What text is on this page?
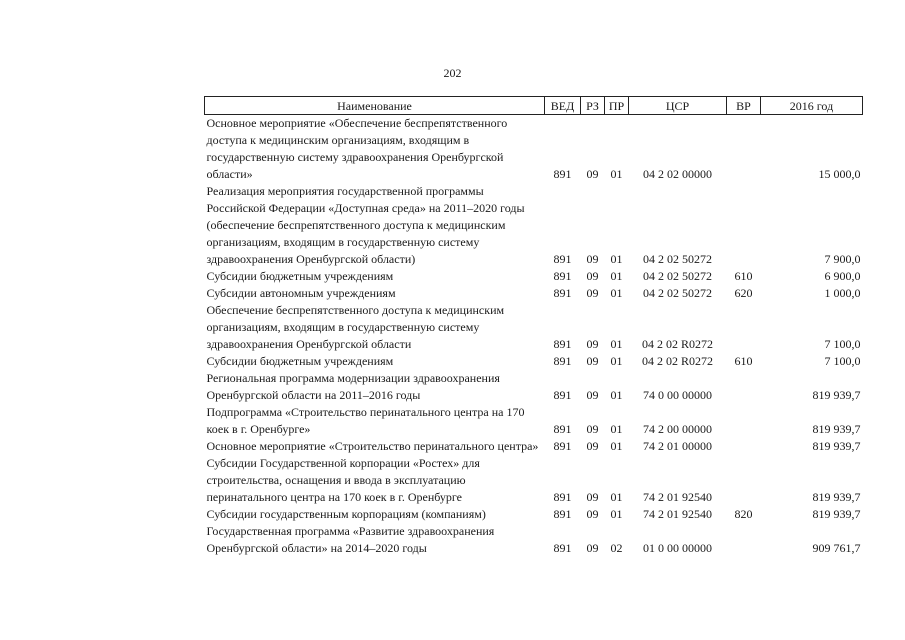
202
Наименование	ВЕД	РЗ	ПР	ЦСР	ВР	2016 год
Основное мероприятие «Обеспечение беспрепятственного доступа к медицинским организациям, входящим в государственную систему здравоохранения Оренбургской области»	891	09	01	04 2 02 00000		15 000,0
Реализация мероприятия государственной программы Российской Федерации «Доступная среда» на 2011–2020 годы (обеспечение беспрепятственного доступа к медицинским организациям, входящим в государственную систему здравоохранения Оренбургской области)	891	09	01	04 2 02 50272		7 900,0
Субсидии бюджетным учреждениям	891	09	01	04 2 02 50272	610	6 900,0
Субсидии автономным учреждениям	891	09	01	04 2 02 50272	620	1 000,0
Обеспечение беспрепятственного доступа к медицинским организациям, входящим в государственную систему здравоохранения Оренбургской области	891	09	01	04 2 02 R0272		7 100,0
Субсидии бюджетным учреждениям	891	09	01	04 2 02 R0272	610	7 100,0
Региональная программа модернизации здравоохранения Оренбургской области на 2011–2016 годы	891	09	01	74 0 00 00000		819 939,7
Подпрограмма «Строительство перинатального центра на 170 коек в г. Оренбурге»	891	09	01	74 2 00 00000		819 939,7
Основное мероприятие «Строительство перинатального центра»	891	09	01	74 2 01 00000		819 939,7
Субсидии Государственной корпорации «Ростех» для строительства, оснащения и ввода в эксплуатацию перинатального центра на 170 коек в г. Оренбурге	891	09	01	74 2 01 92540		819 939,7
Субсидии государственным корпорациям (компаниям)	891	09	01	74 2 01 92540	820	819 939,7
Государственная программа «Развитие здравоохранения Оренбургской области» на 2014–2020 годы	891	09	02	01 0 00 00000		909 761,7
